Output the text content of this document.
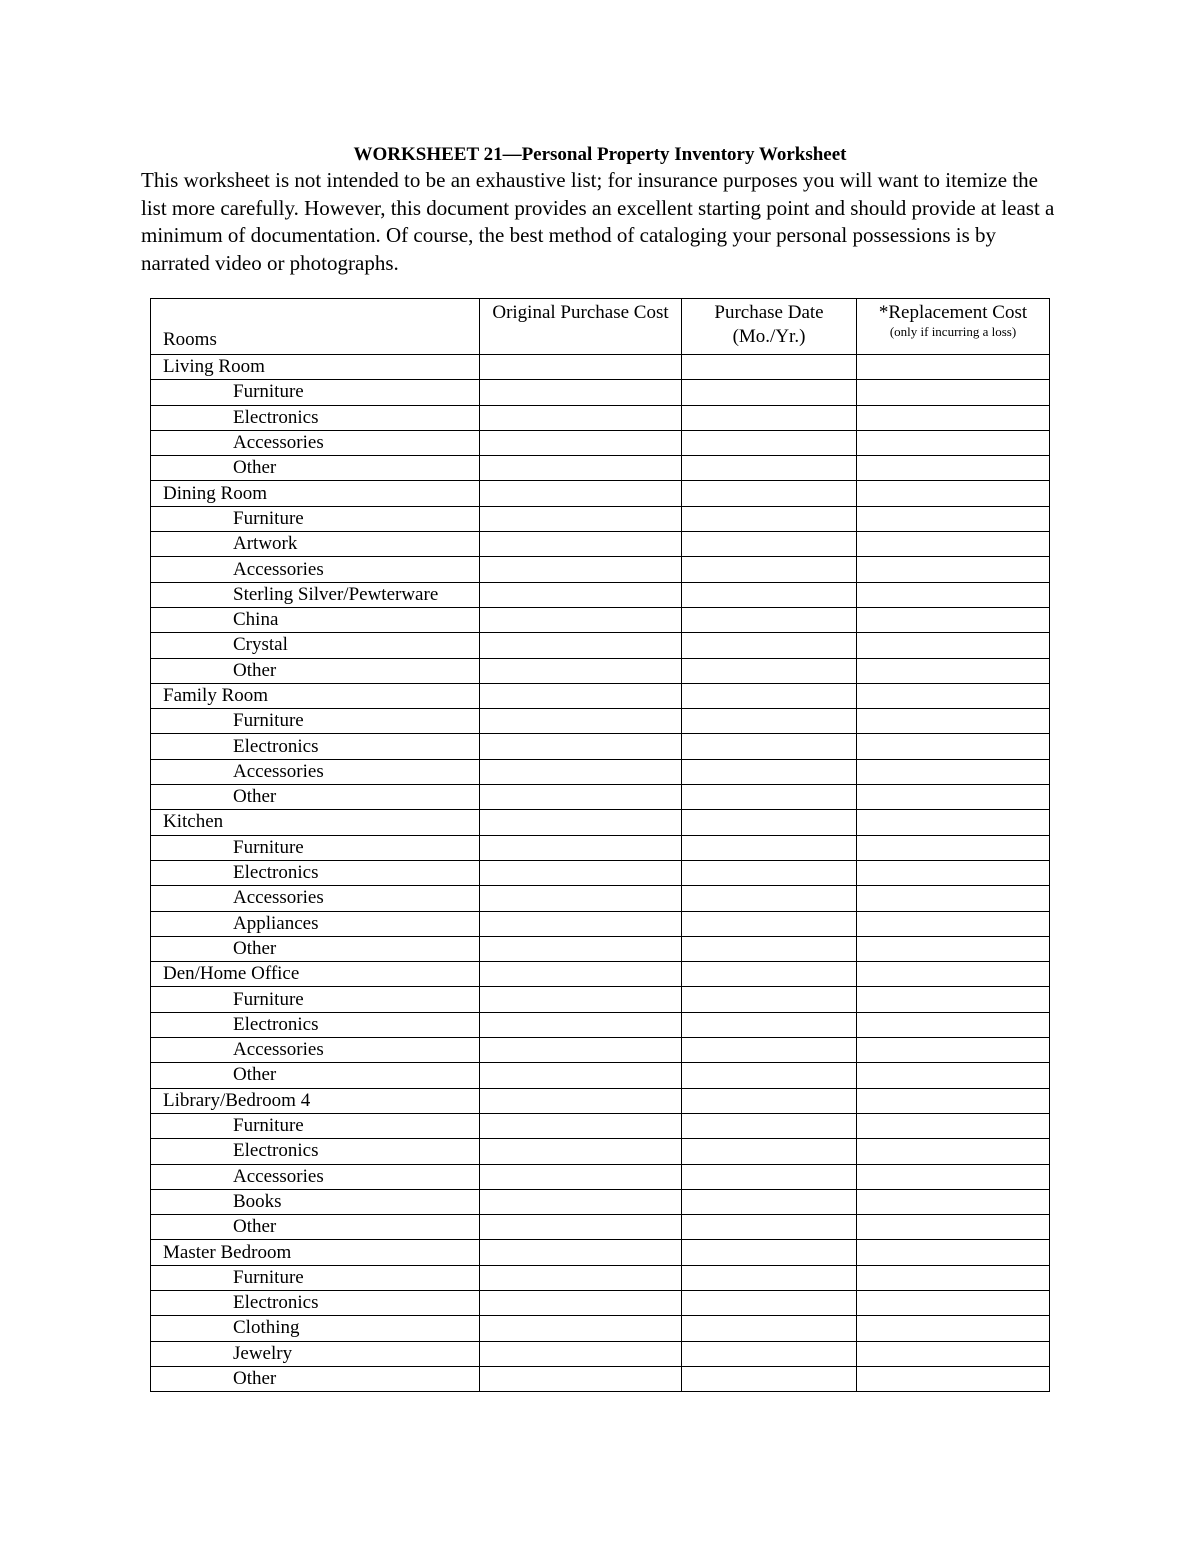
WORKSHEET 21—Personal Property Inventory Worksheet
This worksheet is not intended to be an exhaustive list; for insurance purposes you will want to itemize the list more carefully. However, this document provides an excellent starting point and should provide at least a minimum of documentation. Of course, the best method of cataloging your personal possessions is by narrated video or photographs.
Rooms	Original Purchase Cost	Purchase Date (Mo./Yr.)	*Replacement Cost
(only if incurring a loss)

Living Room			
Furniture			
Electronics			
Accessories			
Other			
Dining Room			
Furniture			
Artwork			
Accessories			
Sterling Silver/Pewterware			
China			
Crystal			
Other			
Family Room			
Furniture			
Electronics			
Accessories			
Other			
Kitchen			
Furniture			
Electronics			
Accessories			
Appliances			
Other			
Den/Home Office			
Furniture			
Electronics			
Accessories			
Other			
Library/Bedroom 4			
Furniture			
Electronics			
Accessories			
Books			
Other			
Master Bedroom			
Furniture			
Electronics			
Clothing			
Jewelry			
Other			
